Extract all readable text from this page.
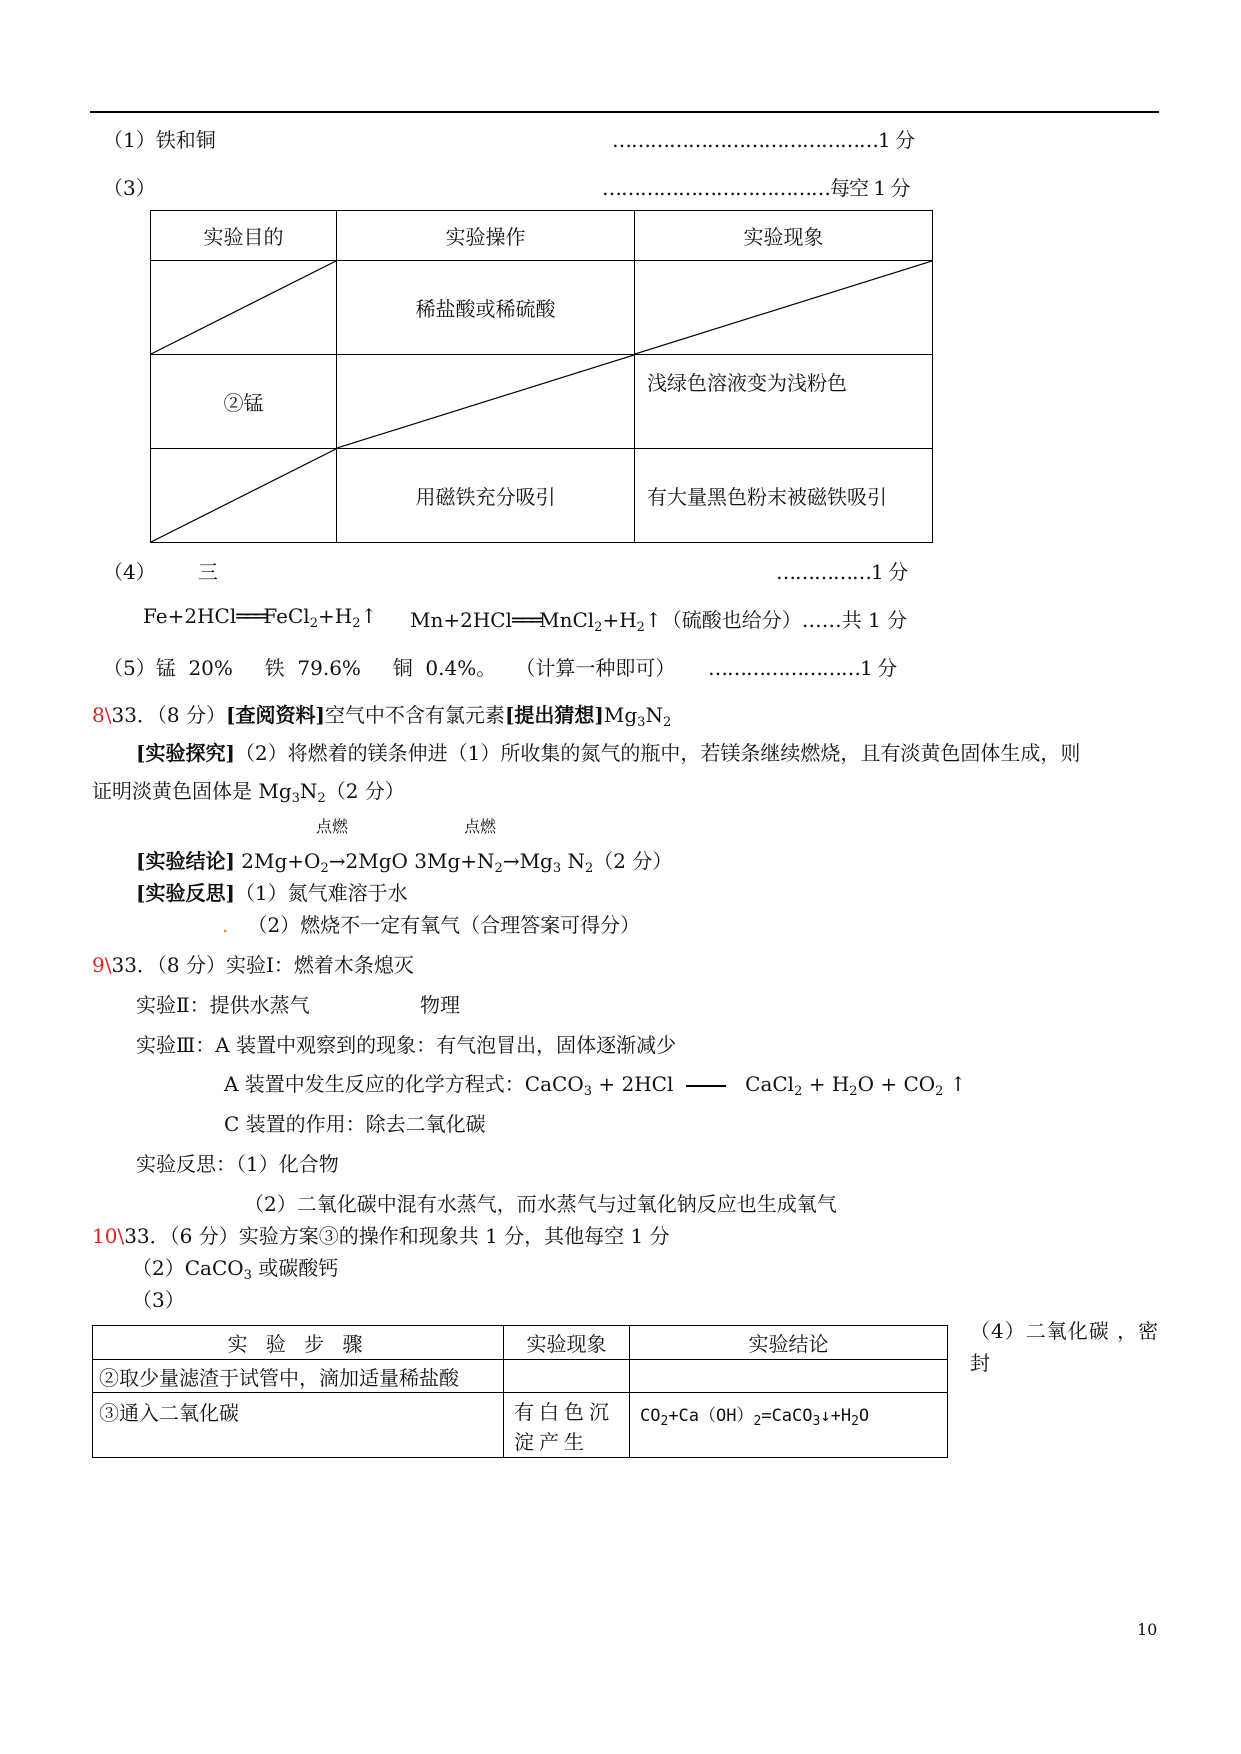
（1）铁和铜	……………………………………1 分
（3）	………………………………每空 1 分
实验目的	实验操作	实验现象

	稀盐酸或稀硫酸	

②锰		浅绿色溶液变为浅粉色

	用磁铁充分吸引	有大量黑色粉末被磁铁吸引
（4） 三	……………1 分
$Fe+2HCl═══FeCl_2+H_2↑$ $Mn+2HCl═══MnCl_2+H_2↑$（硫酸也给分）……共 1 分
（5）锰  20%     铁  79.6%     铜  0.4%。   （计算一种即可） ……………………1 分
8\33．（8 分）[查阅资料]空气中不含有氯元素[提出猜想]$Mg_3N_2$
[实验探究]（2）将燃着的镁条伸进（1）所收集的氮气的瓶中，若镁条继续燃烧，且有淡黄色固体生成，则
证明淡黄色固体是 $Mg_3N_2(2$ 分）
点燃	点燃
[实验结论] $2Mg+O_2\to 2MgO$ $3Mg+N_2\to Mg_3$ $N_2(2$ 分）
[实验反思]（1）氮气难溶于水
. （2）燃烧不一定有氧气（合理答案可得分）
9\33．（8 分）实验Ⅰ：燃着木条熄灭
实验Ⅱ：提供水蒸气	物理
实验Ⅲ：A 装置中观察到的现象：有气泡冒出，固体逐渐减少
A 装置中发生反应的化学方程式：CaCO$_3$ + 2HCl	CaCl$_2$ + $H_2O + CO_2$ ↑
C 装置的作用：除去二氧化碳
实验反思：（1）化合物
（2）二氧化碳中混有水蒸气，而水蒸气与过氧化钠反应也生成氧气
10\33．（6 分）实验方案③的操作和现象共 1 分，其他每空 1 分
（2）CaCO$_3$ 或碳酸钙
（3）
（4）二氧化碳 ，密封
实 验 步 骤	实验现象	实验结论
②取少量滤渣于试管中，滴加适量稀盐酸		
③通入二氧化碳	有白色沉淀产生	$CO_2+Ca(OH)_2=CaCO_3↓+H_2O$
10
